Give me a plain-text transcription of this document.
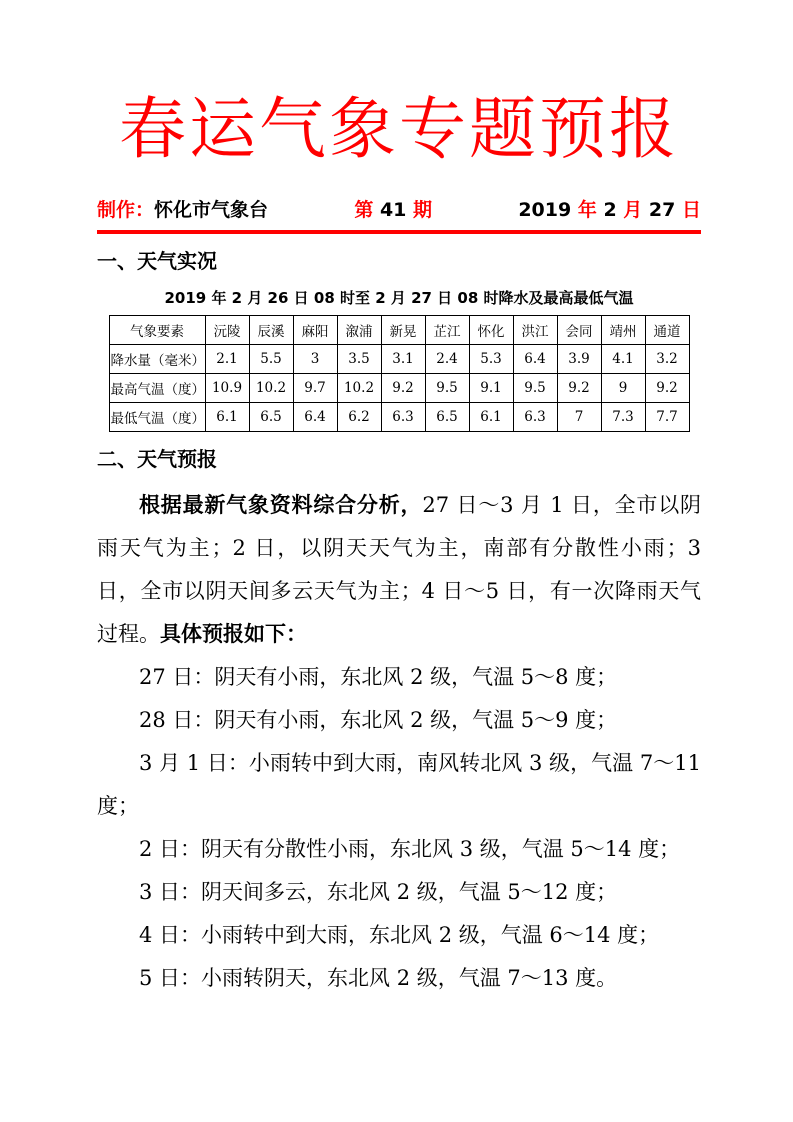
春运气象专题预报
制作：怀化市气象台	第 41 期	2019 年 2 月 27 日
一、天气实况
2019 年 2 月 26 日 08 时至 2 月 27 日 08 时降水及最高最低气温
气象要素	沅陵	辰溪	麻阳	溆浦	新晃	芷江	怀化	洪江	会同	靖州	通道
降水量（毫米）	2.1	5.5	3	3.5	3.1	2.4	5.3	6.4	3.9	4.1	3.2
最高气温（度）	10.9	10.2	9.7	10.2	9.2	9.5	9.1	9.5	9.2	9	9.2
最低气温（度）	6.1	6.5	6.4	6.2	6.3	6.5	6.1	6.3	7	7.3	7.7
二、天气预报

根据最新气象资料综合分析，27 日～3 月 1 日，全市以阴雨天气为主；2 日，以阴天天气为主，南部有分散性小雨；3 日，全市以阴天间多云天气为主；4 日～5 日，有一次降雨天气过程。具体预报如下：

27 日：阴天有小雨，东北风 2 级，气温 5～8 度；

28 日：阴天有小雨，东北风 2 级，气温 5～9 度；

3 月 1 日：小雨转中到大雨，南风转北风 3 级，气温 7～11 度；

2 日：阴天有分散性小雨，东北风 3 级，气温 5～14 度；

3 日：阴天间多云，东北风 2 级，气温 5～12 度；

4 日：小雨转中到大雨，东北风 2 级，气温 6～14 度；

5 日：小雨转阴天，东北风 2 级，气温 7～13 度。
